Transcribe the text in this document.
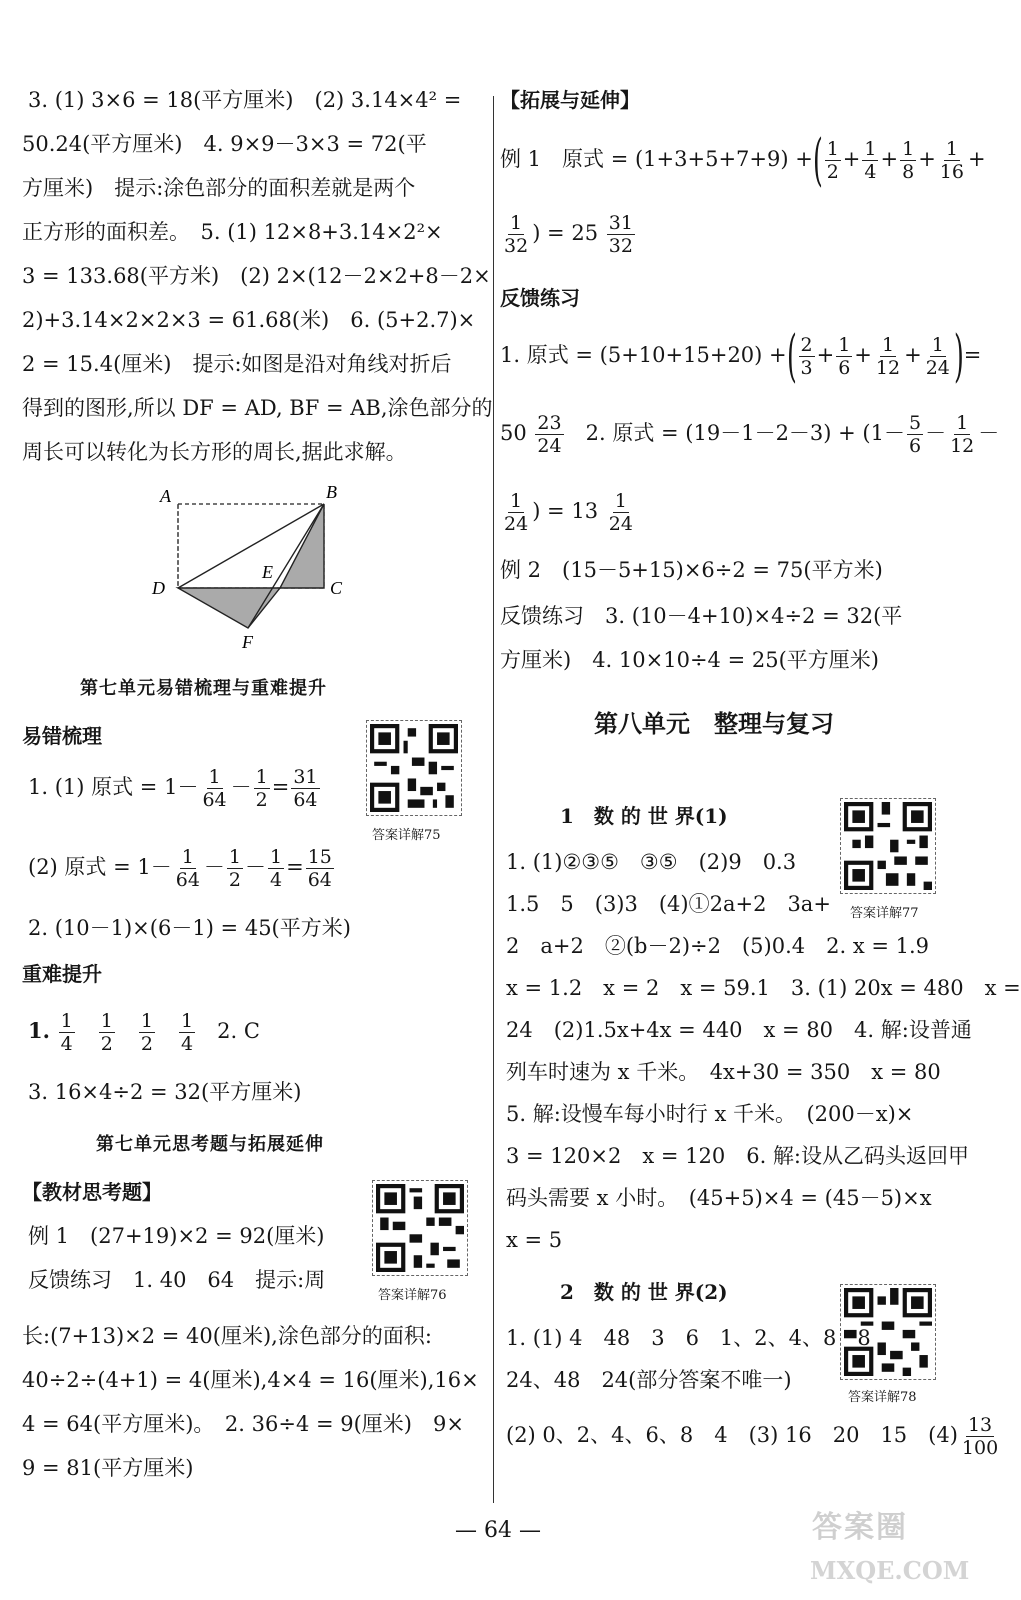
3. (1) 3×6 = 18(平方厘米)　(2) 3.14×4² =
50.24(平方厘米)　4. 9×9－3×3 = 72(平
方厘米)　提示:涂色部分的面积差就是两个
正方形的面积差。　5. (1) 12×8+3.14×2²×
3 = 133.68(平方米)　(2) 2×(12－2×2+8－2×
2)+3.14×2×2×3 = 61.68(米)　6. (5+2.7)×
2 = 15.4(厘米)　提示:如图是沿对角线对折后
得到的图形,所以 DF = AD, BF = AB,涂色部分的
周长可以转化为长方形的周长,据此求解。
A	B
C
D
E
F
第七单元易错梳理与重难提升
易错梳理
答案详解75
1. (1) 原式 = $1- \frac{1}{64} - \frac{1}{2} = \frac{31}{64}$
(2) 原式 = $1- \frac{1}{64} - \frac{1}{2} - \frac{1}{4} = \frac{15}{64}$
2. (10－1)×(6－1) = 45(平方米)
重难提升
1. $\frac{1}{4}$
$\frac{1}{2}$
$\frac{1}{2}$
$\frac{1}{4} 2$. C
3. 16×4÷2 = 32(平方厘米)
第七单元思考题与拓展延伸
【教材思考题】
答案详解76
例 1　(27+19)×2 = 92(厘米)
反馈练习　1. 40　64　提示:周
长:(7+13)×2 = 40(厘米),涂色部分的面积:
40÷2÷(4+1) = 4(厘米),4×4 = 16(厘米),16×
4 = 64(平方厘米)。　2. 36÷4 = 9(厘米)　9×
9 = 81(平方厘米)
【拓展与延伸】
例 1　原式 = (1+3+5+7+9) +( $\frac{1}{2} + \frac{1}{4} + \frac{1}{8} + \frac{1}{16}$ +
$\frac{1}{32}$ ) = $25 \frac{31}{32}$
反馈练习
1. 原式 = (5+10+15+20) +( $\frac{2}{3} + \frac{1}{6} + \frac{1}{12} + \frac{1}{24}$ )=
$50 \frac{23}{24} 2$. 原式 = $(19-1-2-3) + (1- \frac{5}{6} - \frac{1}{12}$ －
$\frac{1}{24}$ ) = $13 \frac{1}{24}$
例 2　(15－5+15)×6÷2 = 75(平方米)
反馈练习　3. (10－4+10)×4÷2 = 32(平
方厘米)　4. 10×10÷4 = 25(平方厘米)
第八单元　整理与复习
1　数 的 世 界(1)
答案详解77
1. (1)②③⑤　③⑤　(2)9　0.3
1.5　5　(3)3　(4)①2a+2　3a+
2　a+2　②(b－2)÷2　(5)0.4　2. x = 1.9
x = 1.2　x = 2　x = 59.1　3. (1) 20x = 480　x =
24　(2)1.5x+4x = 440　x = 80　4. 解:设普通
列车时速为 x 千米。　4x+30 = 350　x = 80
5. 解:设慢车每小时行 x 千米。　(200－x)×
3 = 120×2　x = 120　6. 解:设从乙码头返回甲
码头需要 x 小时。　(45+5)×4 = (45－5)×x
x = 5
2　数 的 世 界(2)
答案详解78
1. (1) 4　48　3　6　1、2、4、8　8
24、48　24(部分答案不唯一)
(2) 0、2、4、6、8　4　(3) 16　20　15　$(4) \frac{13}{100}$
— 64 —	答案圈
MXQE.COM
